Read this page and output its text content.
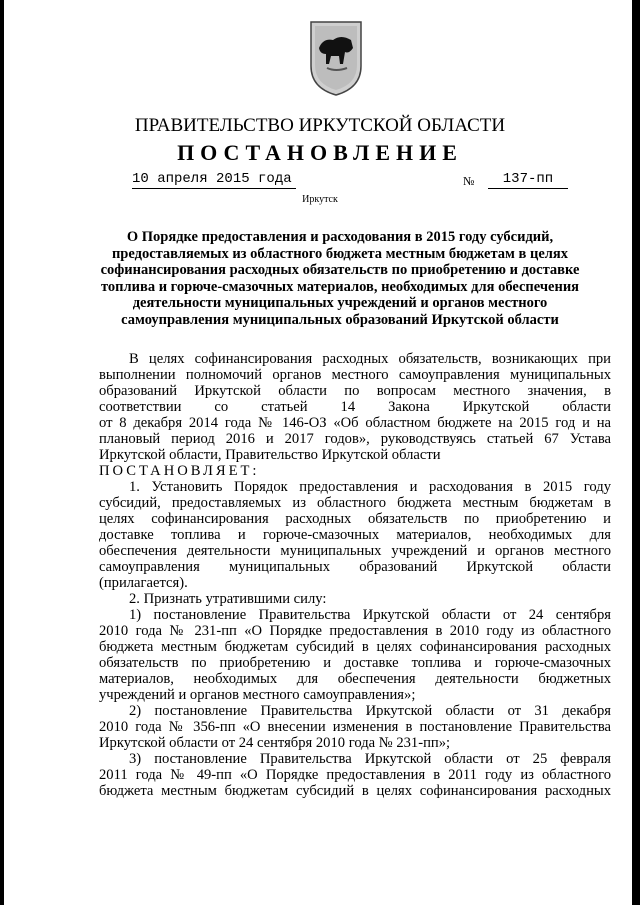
ПРАВИТЕЛЬСТВО ИРКУТСКОЙ ОБЛАСТИ
ПОСТАНОВЛЕНИЕ
10 апреля 2015 года	№	137-пп
Иркутск
О Порядке предоставления и расходования в 2015 году субсидий,
предоставляемых из областного бюджета местным бюджетам в целях
софинансирования расходных обязательств по приобретению и доставке
топлива и горюче-смазочных материалов, необходимых для обеспечения
деятельности муниципальных учреждений и органов местного
самоуправления муниципальных образований Иркутской области
В целях софинансирования расходных обязательств, возникающих при
выполнении полномочий органов местного самоуправления муниципальных
образований Иркутской области по вопросам местного значения, в
соответствии со статьей 14 Закона Иркутской области
от 8 декабря 2014 года № 146-ОЗ «Об областном бюджете на 2015 год и на
плановый период 2016 и 2017 годов», руководствуясь статьей 67 Устава
Иркутской области, Правительство Иркутской области
ПОСТАНОВЛЯЕТ:
1. Установить Порядок предоставления и расходования в 2015 году
субсидий, предоставляемых из областного бюджета местным бюджетам в
целях софинансирования расходных обязательств по приобретению и
доставке топлива и горюче-смазочных материалов, необходимых для
обеспечения деятельности муниципальных учреждений и органов местного
самоуправления муниципальных образований Иркутской области
(прилагается).
2. Признать утратившими силу:
1) постановление Правительства Иркутской области от 24 сентября
2010 года № 231-пп «О Порядке предоставления в 2010 году из областного
бюджета местным бюджетам субсидий в целях софинансирования расходных
обязательств по приобретению и доставке топлива и горюче-смазочных
материалов, необходимых для обеспечения деятельности бюджетных
учреждений и органов местного самоуправления»;
2) постановление Правительства Иркутской области от 31 декабря
2010 года № 356-пп «О внесении изменения в постановление Правительства
Иркутской области от 24 сентября 2010 года № 231-пп»;
3) постановление Правительства Иркутской области от 25 февраля
2011 года № 49-пп «О Порядке предоставления в 2011 году из областного
бюджета местным бюджетам субсидий в целях софинансирования расходных
